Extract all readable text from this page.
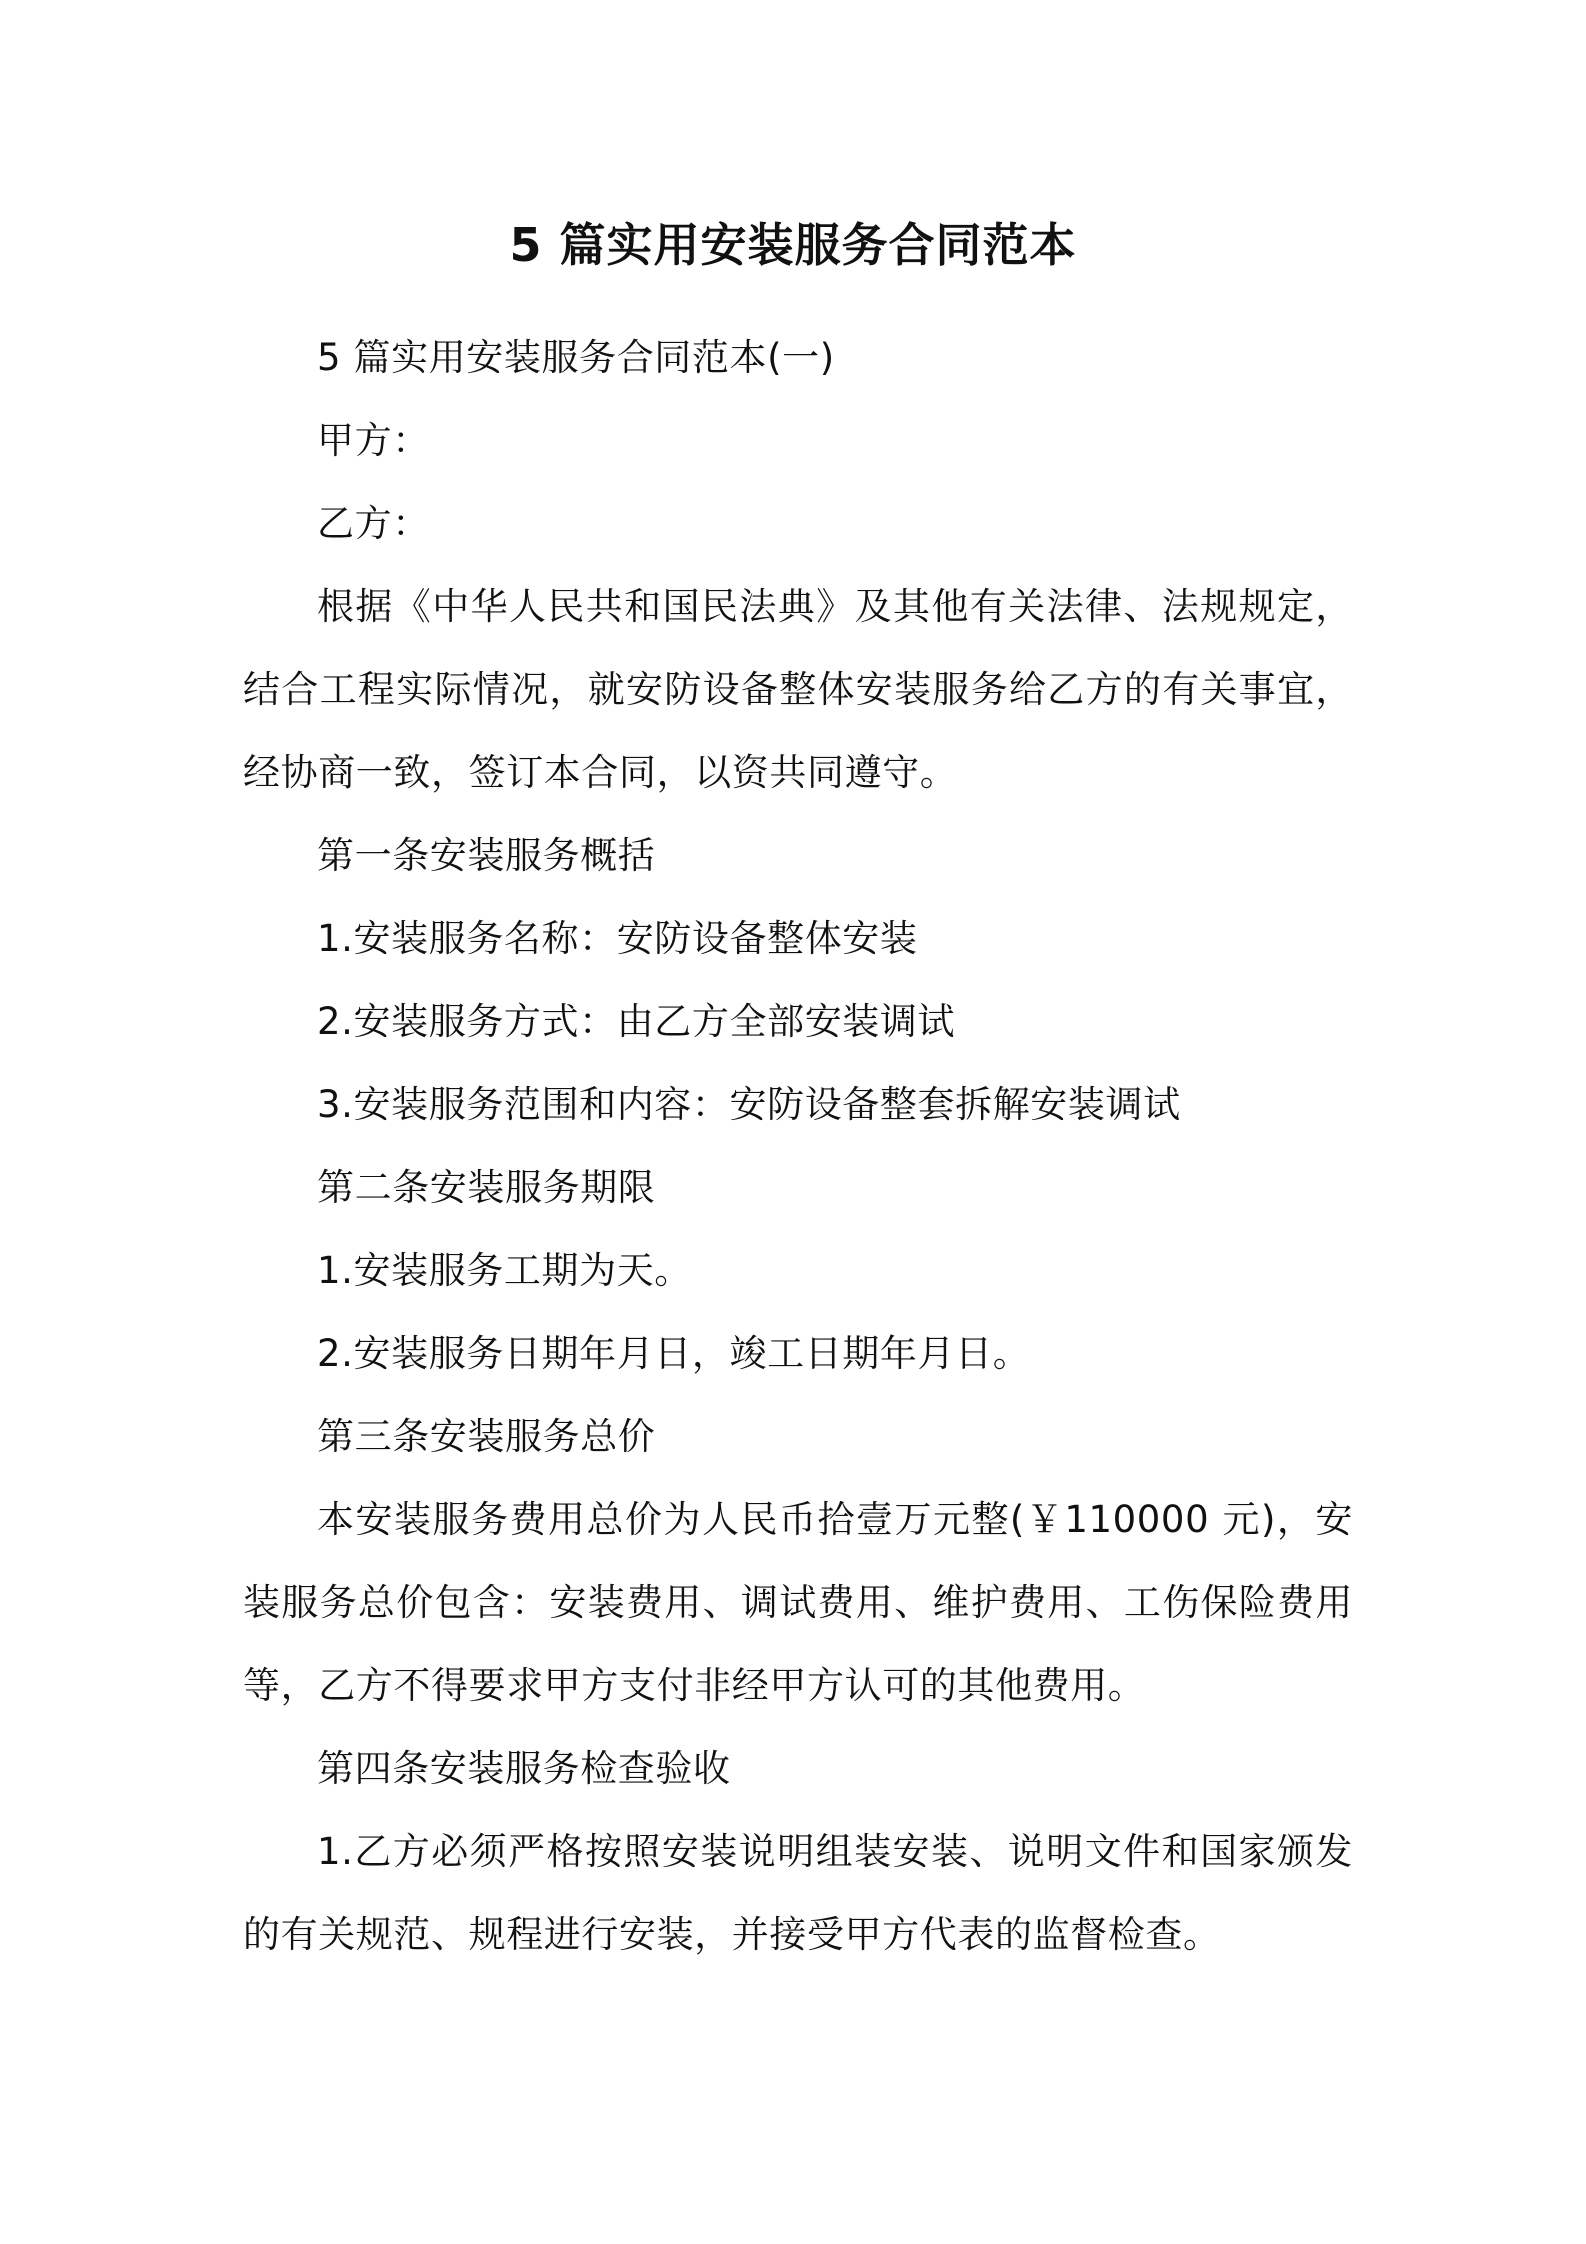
5 篇实用安装服务合同范本

5 篇实用安装服务合同范本(一)

甲方：

乙方：

根据《中华人民共和国民法典》及其他有关法律、法规规定，结合工程实际情况，就安防设备整体安装服务给乙方的有关事宜，经协商一致，签订本合同，以资共同遵守。

第一条安装服务概括

1.安装服务名称：安防设备整体安装

2.安装服务方式：由乙方全部安装调试

3.安装服务范围和内容：安防设备整套拆解安装调试

第二条安装服务期限

1.安装服务工期为天。

2.安装服务日期年月日，竣工日期年月日。

第三条安装服务总价

本安装服务费用总价为人民币拾壹万元整(￥110000 元)，安装服务总价包含：安装费用、调试费用、维护费用、工伤保险费用等，乙方不得要求甲方支付非经甲方认可的其他费用。

第四条安装服务检查验收

1.乙方必须严格按照安装说明组装安装、说明文件和国家颁发的有关规范、规程进行安装，并接受甲方代表的监督检查。
